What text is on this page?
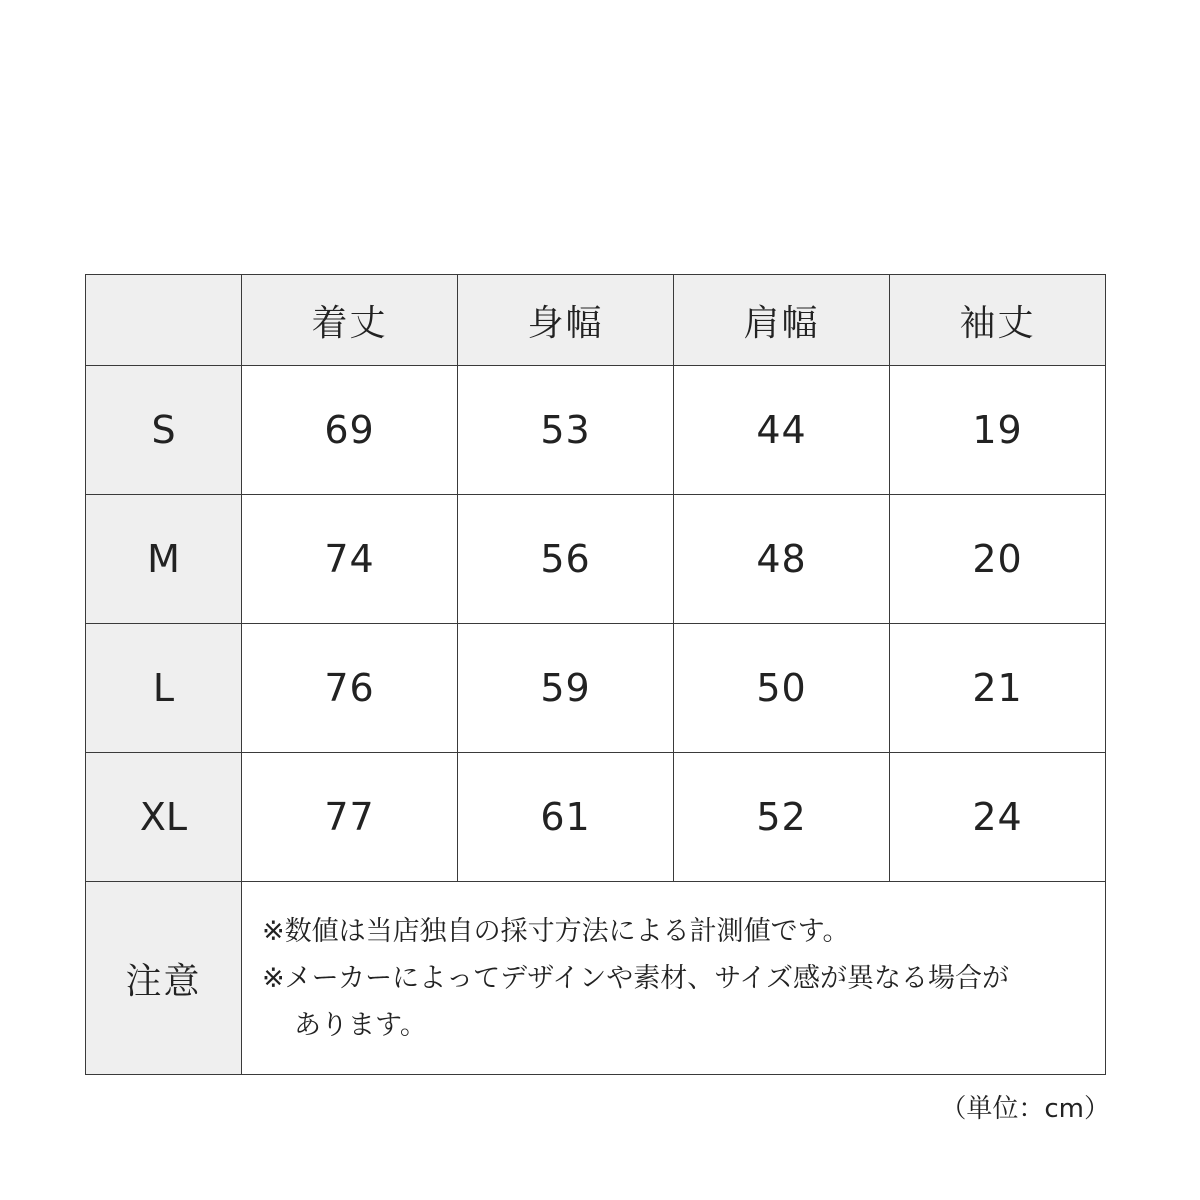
	着丈	身幅	肩幅	袖丈
S	69	53	44	19
M	74	56	48	20
L	76	59	50	21
XL	77	61	52	24
注意	※数値は当店独自の採寸方法による計測値です。
※メーカーによってデザインや素材、サイズ感が異なる場合が
あります。			
（単位：cm）
